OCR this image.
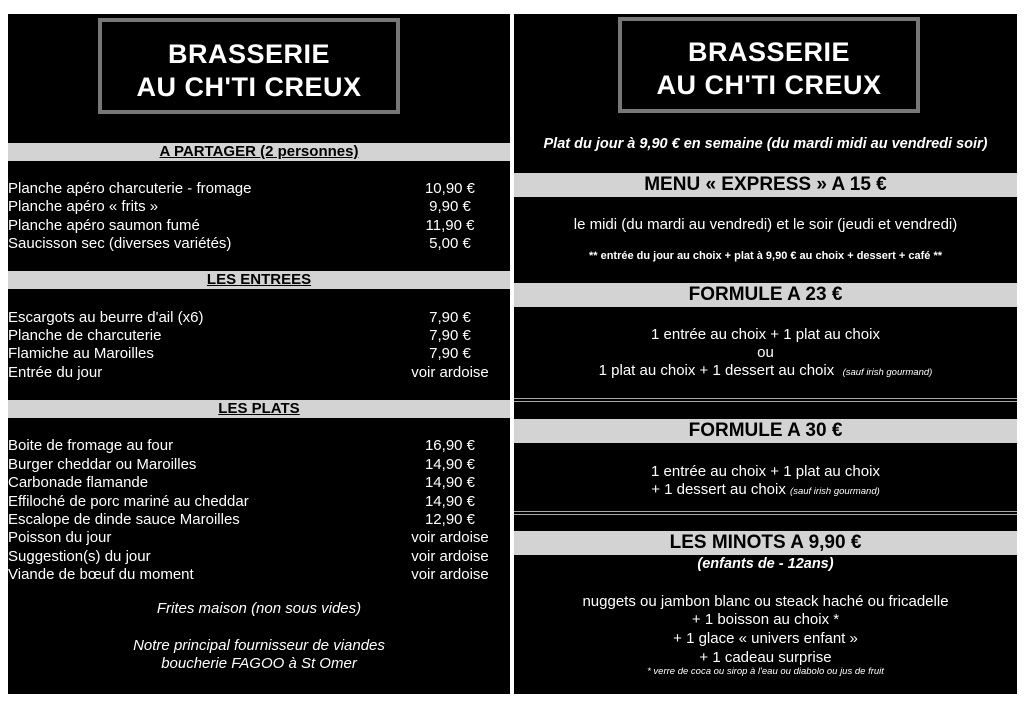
BRASSERIE
AU CH'TI CREUX
A PARTAGER (2 personnes)
Planche apéro charcuterie - fromage	10,90 €
Planche apéro « frits »	9,90 €
Planche apéro saumon fumé	11,90 €
Saucisson sec (diverses variétés)	5,00 €
LES ENTREES
Escargots au beurre d'ail (x6)	7,90 €
Planche de charcuterie	7,90 €
Flamiche au Maroilles	7,90 €
Entrée du jour	voir ardoise
LES PLATS
Boite de fromage au four	16,90 €
Burger cheddar ou Maroilles	14,90 €
Carbonade flamande	14,90 €
Effiloché de porc mariné au cheddar	14,90 €
Escalope de dinde sauce Maroilles	12,90 €
Poisson du jour	voir ardoise
Suggestion(s) du jour	voir ardoise
Viande de bœuf du moment	voir ardoise
Frites maison (non sous vides)
Notre principal fournisseur de viandes
boucherie FAGOO à St Omer
BRASSERIE
AU CH'TI CREUX
Plat du jour à 9,90 € en semaine (du mardi midi au vendredi soir)
MENU « EXPRESS » A 15 €
le midi (du mardi au vendredi) et le soir (jeudi et vendredi)
** entrée du jour au choix + plat à 9,90 € au choix + dessert + café **
FORMULE A 23 €
1 entrée au choix + 1 plat au choix
ou
1 plat au choix + 1 dessert au choix (sauf irish gourmand)
FORMULE A 30 €
1 entrée au choix + 1 plat au choix
+ 1 dessert au choix (sauf irish gourmand)
LES MINOTS A 9,90 €
(enfants de - 12ans)
nuggets ou jambon blanc ou steack haché ou fricadelle
+ 1 boisson au choix *
+ 1 glace « univers enfant »
+ 1 cadeau surprise
* verre de coca ou sirop à l'eau ou diabolo ou jus de fruit
